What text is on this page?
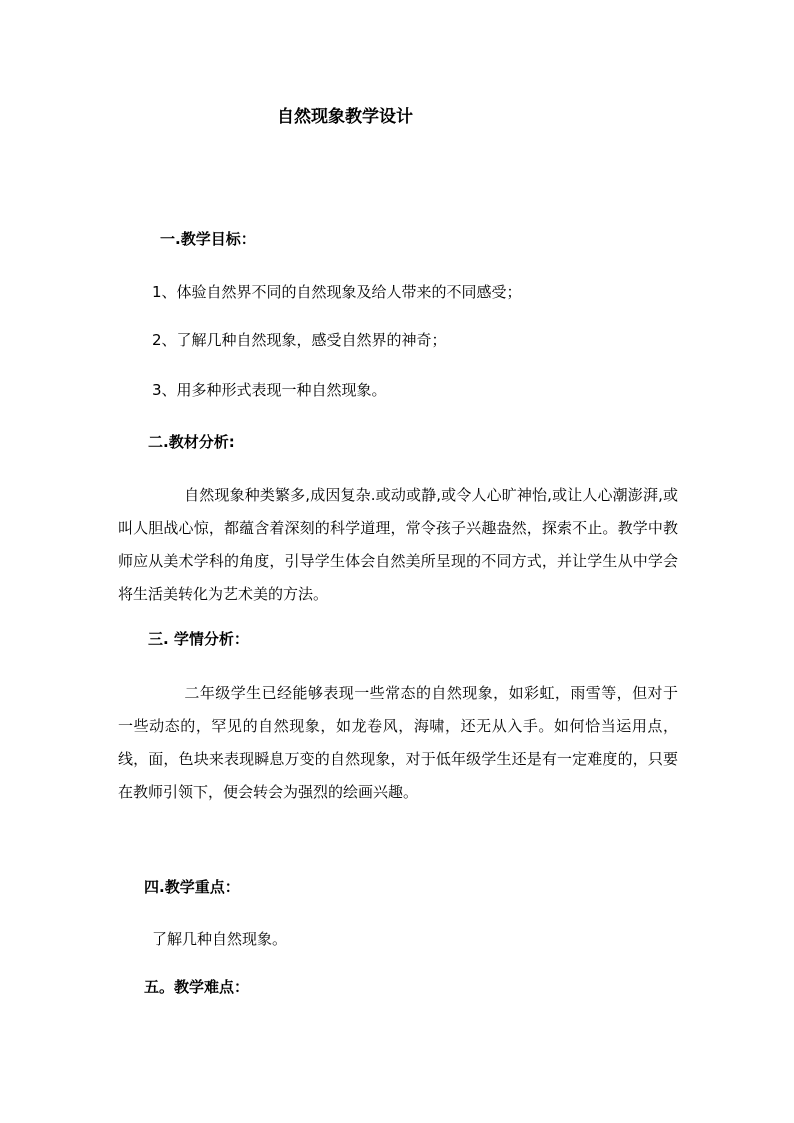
自然现象教学设计
一.教学目标：
1、体验自然界不同的自然现象及给人带来的不同感受；
2、了解几种自然现象，感受自然界的神奇；
3、用多种形式表现一种自然现象。
二.教材分析:
自然现象种类繁多,成因复杂.或动或静,或令人心旷神怡,或让人心潮澎湃,或叫人胆战心惊，都蕴含着深刻的科学道理，常令孩子兴趣盎然，探索不止。教学中教师应从美术学科的角度，引导学生体会自然美所呈现的不同方式，并让学生从中学会将生活美转化为艺术美的方法。
三. 学情分析：
二年级学生已经能够表现一些常态的自然现象，如彩虹，雨雪等，但对于一些动态的，罕见的自然现象，如龙卷风，海啸，还无从入手。如何恰当运用点，线，面，色块来表现瞬息万变的自然现象，对于低年级学生还是有一定难度的，只要在教师引领下，便会转会为强烈的绘画兴趣。
四.教学重点：
了解几种自然现象。
五。教学难点：
